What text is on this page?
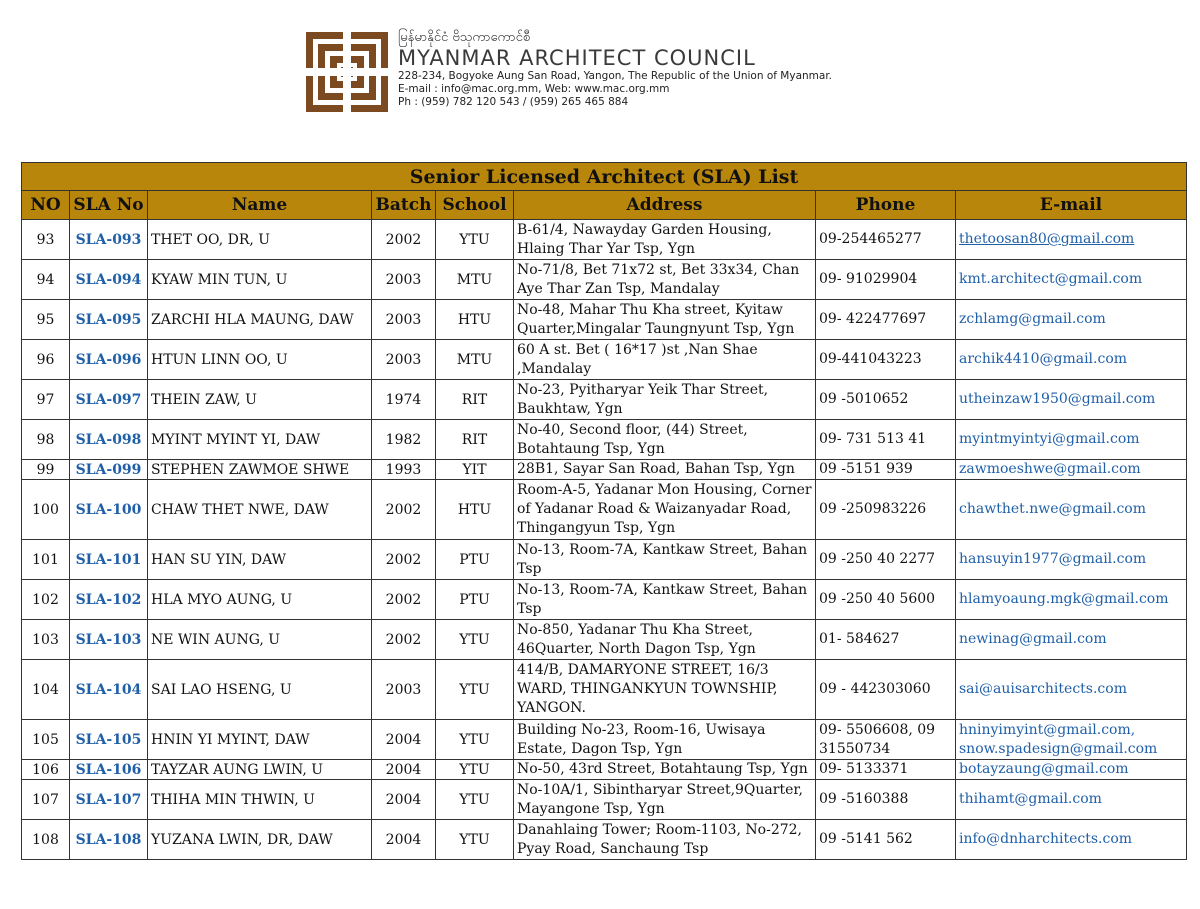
မြန်မာနိုင်ငံ ဗိသုကာကောင်စီ
MYANMAR ARCHITECT COUNCIL
228-234, Bogyoke Aung San Road, Yangon, The Republic of the Union of Myanmar.
E-mail : info@mac.org.mm, Web: www.mac.org.mm
Ph : (959) 782 120 543 / (959) 265 465 884
Senior Licensed Architect (SLA) List							
NO	SLA No	Name	Batch	School	Address	Phone	E-mail
93	SLA-093	THET OO, DR, U	2002	YTU	B-61/4, Nawayday Garden Housing, Hlaing Thar Yar Tsp, Ygn	09-254465277	thetoosan80@gmail.com

94	SLA-094	KYAW MIN TUN, U	2003	MTU	No-71/8, Bet 71x72 st, Bet 33x34, Chan Aye Thar Zan Tsp, Mandalay	09- 91029904	kmt.architect@gmail.com

95	SLA-095	ZARCHI HLA MAUNG, DAW	2003	HTU	No-48, Mahar Thu Kha street, Kyitaw Quarter,Mingalar Taungnyunt Tsp, Ygn	09- 422477697	zchlamg@gmail.com

96	SLA-096	HTUN LINN OO, U	2003	MTU	60 A st. Bet ( 16*17 )st ,Nan Shae ,Mandalay	09-441043223	archik4410@gmail.com

97	SLA-097	THEIN ZAW, U	1974	RIT	No-23, Pyitharyar Yeik Thar Street, Baukhtaw, Ygn	09 -5010652	utheinzaw1950@gmail.com

98	SLA-098	MYINT MYINT YI, DAW	1982	RIT	No-40, Second floor, (44) Street, Botahtaung Tsp, Ygn	09- 731 513 41	myintmyintyi@gmail.com

99	SLA-099	STEPHEN ZAWMOE SHWE	1993	YIT	28B1, Sayar San Road, Bahan Tsp, Ygn	09 -5151 939	zawmoeshwe@gmail.com

100	SLA-100	CHAW THET NWE, DAW	2002	HTU	Room-A-5, Yadanar Mon Housing, Corner of Yadanar Road & Waizanyadar Road, Thingangyun Tsp, Ygn	09 -250983226	chawthet.nwe@gmail.com

101	SLA-101	HAN SU YIN, DAW	2002	PTU	No-13, Room-7A, Kantkaw Street, Bahan Tsp	09 -250 40 2277	hansuyin1977@gmail.com

102	SLA-102	HLA MYO AUNG, U	2002	PTU	No-13, Room-7A, Kantkaw Street, Bahan Tsp	09 -250 40 5600	hlamyoaung.mgk@gmail.com

103	SLA-103	NE WIN AUNG, U	2002	YTU	No-850, Yadanar Thu Kha Street, 46Quarter, North Dagon Tsp, Ygn	01- 584627	newinag@gmail.com

104	SLA-104	SAI LAO HSENG, U	2003	YTU	414/B, DAMARYONE STREET, 16/3 WARD, THINGANKYUN TOWNSHIP, YANGON.	09 - 442303060	sai@auisarchitects.com

105	SLA-105	HNIN YI MYINT, DAW	2004	YTU	Building No-23, Room-16, Uwisaya Estate, Dagon Tsp, Ygn	09- 5506608, 09 31550734	hninyimyint@gmail.com,
snow.spadesign@gmail.com

106	SLA-106	TAYZAR AUNG LWIN, U	2004	YTU	No-50, 43rd Street, Botahtaung Tsp, Ygn	09- 5133371	botayzaung@gmail.com

107	SLA-107	THIHA MIN THWIN, U	2004	YTU	No-10A/1, Sibintharyar Street,9Quarter, Mayangone Tsp, Ygn	09 -5160388	thihamt@gmail.com

108	SLA-108	YUZANA LWIN, DR, DAW	2004	YTU	Danahlaing Tower; Room-1103, No-272, Pyay Road, Sanchaung Tsp	09 -5141 562	info@dnharchitects.com
